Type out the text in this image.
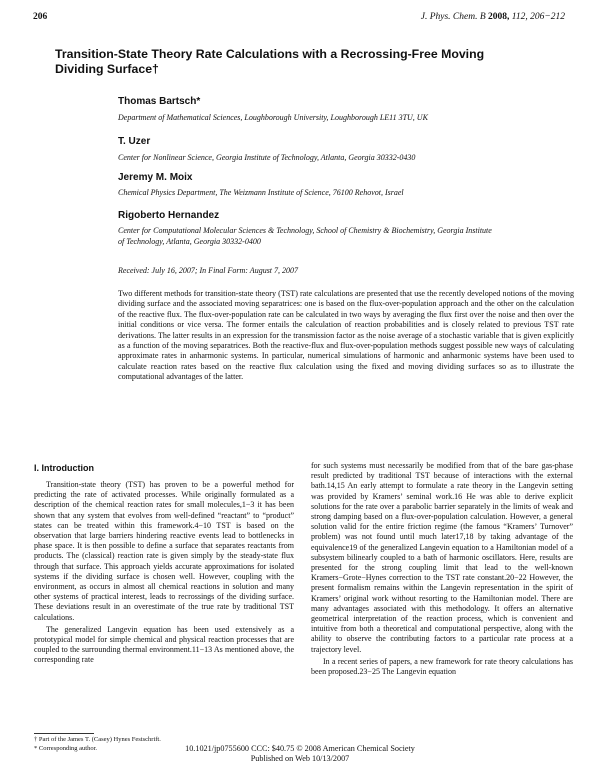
206	J. Phys. Chem. B 2008, 112, 206−212
Transition-State Theory Rate Calculations with a Recrossing-Free Moving Dividing Surface†
Thomas Bartsch*
Department of Mathematical Sciences, Loughborough University, Loughborough LE11 3TU, UK
T. Uzer
Center for Nonlinear Science, Georgia Institute of Technology, Atlanta, Georgia 30332-0430
Jeremy M. Moix
Chemical Physics Department, The Weizmann Institute of Science, 76100 Rehovot, Israel
Rigoberto Hernandez
Center for Computational Molecular Sciences & Technology, School of Chemistry & Biochemistry, Georgia Institute of Technology, Atlanta, Georgia 30332-0400
Received: July 16, 2007; In Final Form: August 7, 2007
Two different methods for transition-state theory (TST) rate calculations are presented that use the recently developed notions of the moving dividing surface and the associated moving separatrices: one is based on the flux-over-population approach and the other on the calculation of the reactive flux. The flux-over-population rate can be calculated in two ways by averaging the flux first over the noise and then over the initial conditions or vice versa. The former entails the calculation of reaction probabilities and is closely related to previous TST rate derivations. The latter results in an expression for the transmission factor as the noise average of a stochastic variable that is given explicitly as a function of the moving separatrices. Both the reactive-flux and flux-over-population methods suggest possible new ways of calculating approximate rates in anharmonic systems. In particular, numerical simulations of harmonic and anharmonic systems have been used to calculate reaction rates based on the reactive flux calculation using the fixed and moving dividing surfaces so as to illustrate the computational advantages of the latter.
I. Introduction

Transition-state theory (TST) has proven to be a powerful method for predicting the rate of activated processes. While originally formulated as a description of the chemical reaction rates for small molecules,1−3 it has been shown that any system that evolves from well-defined “reactant” to “product” states can be treated within this framework.4−10 TST is based on the observation that large barriers hindering reactive events lead to bottlenecks in phase space. It is then possible to define a surface that separates reactants from products. The (classical) reaction rate is given simply by the steady-state flux through that surface. This approach yields accurate approximations for isolated systems if the dividing surface is chosen well. However, coupling with the environment, as occurs in almost all chemical reactions in solution and many other systems of practical interest, leads to recrossings of the dividing surface. These deviations result in an overestimate of the true rate by traditional TST calculations.

The generalized Langevin equation has been used extensively as a prototypical model for simple chemical and physical reaction processes that are coupled to the surrounding thermal environment.11−13 As mentioned above, the corresponding rate

for such systems must necessarily be modified from that of the bare gas-phase result predicted by traditional TST because of interactions with the external bath.14,15 An early attempt to formulate a rate theory in the Langevin setting was provided by Kramers’ seminal work.16 He was able to derive explicit solutions for the rate over a parabolic barrier separately in the limits of weak and strong damping based on a flux-over-population calculation. However, a general solution valid for the entire friction regime (the famous “Kramers’ Turnover” problem) was not found until much later17,18 by taking advantage of the equivalence19 of the generalized Langevin equation to a Hamiltonian model of a subsystem bilinearly coupled to a bath of harmonic oscillators. Here, results are presented for the strong coupling limit that lead to the well-known Kramers−Grote−Hynes correction to the TST rate constant.20−22 However, the present formalism remains within the Langevin representation in the spirit of Kramers’ original work without resorting to the Hamiltonian model. There are many advantages associated with this methodology. It offers an alternative geometrical interpretation of the reaction process, which is convenient and intuitive from both a theoretical and computational perspective, along with the ability to observe the contributing factors to a particular rate process at a trajectory level.

In a recent series of papers, a new framework for rate theory calculations has been proposed.23−25 The Langevin equation

† Part of the James T. (Casey) Hynes Festschrift.
* Corresponding author.	10.1021/jp0755600 CCC: $40.75 © 2008 American Chemical Society
Published on Web 10/13/2007
